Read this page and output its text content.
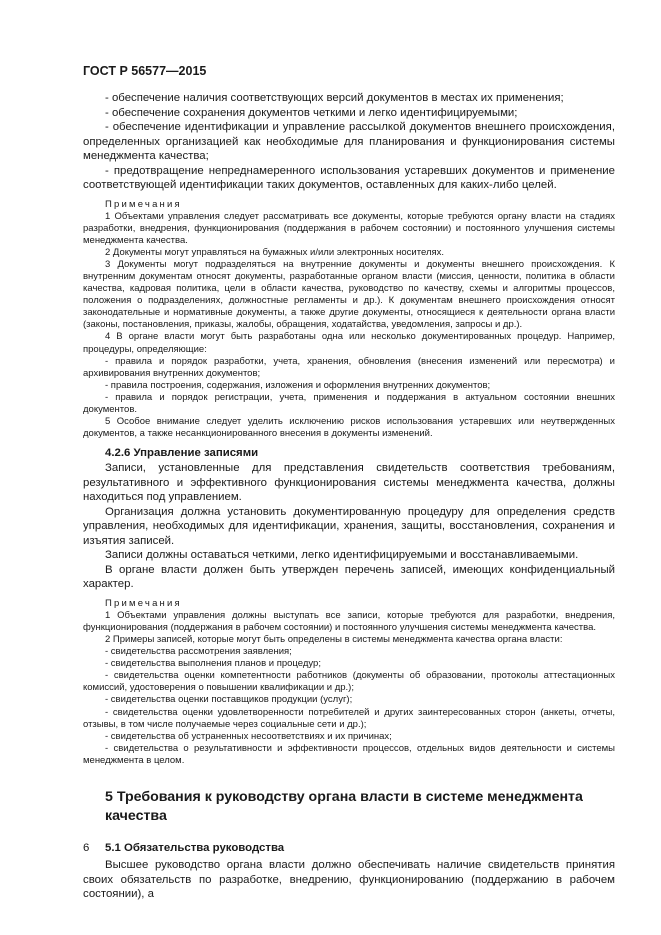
ГОСТ Р 56577—2015

- обеспечение наличия соответствующих версий документов в местах их применения;

- обеспечение сохранения документов четкими и легко идентифицируемыми;

- обеспечение идентификации и управление рассылкой документов внешнего происхождения, определенных организацией как необходимые для планирования и функционирования системы менеджмента качества;

- предотвращение непреднамеренного использования устаревших документов и применение соответствующей идентификации таких документов, оставленных для каких-либо целей.

Примечания

1 Объектами управления следует рассматривать все документы, которые требуются органу власти на стадиях разработки, внедрения, функционирования (поддержания в рабочем состоянии) и постоянного улучшения системы менеджмента качества.

2 Документы могут управляться на бумажных и/или электронных носителях.

3 Документы могут подразделяться на внутренние документы и документы внешнего происхождения. К внутренним документам относят документы, разработанные органом власти (миссия, ценности, политика в области качества, кадровая политика, цели в области качества, руководство по качеству, схемы и алгоритмы процессов, положения о подразделениях, должностные регламенты и др.). К документам внешнего происхождения относят законодательные и нормативные документы, а также другие документы, относящиеся к деятельности органа власти (законы, постановления, приказы, жалобы, обращения, ходатайства, уведомления, запросы и др.).

4 В органе власти могут быть разработаны одна или несколько документированных процедур. Например, процедуры, определяющие:

- правила и порядок разработки, учета, хранения, обновления (внесения изменений или пересмотра) и архивирования внутренних документов;

- правила построения, содержания, изложения и оформления внутренних документов;

- правила и порядок регистрации, учета, применения и поддержания в актуальном состоянии внешних документов.

5 Особое внимание следует уделить исключению рисков использования устаревших или неутвержденных документов, а также несанкционированного внесения в документы изменений.

4.2.6 Управление записями

Записи, установленные для представления свидетельств соответствия требованиям, результативного и эффективного функционирования системы менеджмента качества, должны находиться под управлением.

Организация должна установить документированную процедуру для определения средств управления, необходимых для идентификации, хранения, защиты, восстановления, сохранения и изъятия записей.

Записи должны оставаться четкими, легко идентифицируемыми и восстанавливаемыми.

В органе власти должен быть утвержден перечень записей, имеющих конфиденциальный характер.

Примечания

1 Объектами управления должны выступать все записи, которые требуются для разработки, внедрения, функционирования (поддержания в рабочем состоянии) и постоянного улучшения системы менеджмента качества.

2 Примеры записей, которые могут быть определены в системы менеджмента качества органа власти:

- свидетельства рассмотрения заявления;

- свидетельства выполнения планов и процедур;

- свидетельства оценки компетентности работников (документы об образовании, протоколы аттестационных комиссий, удостоверения о повышении квалификации и др.);

- свидетельства оценки поставщиков продукции (услуг);

- свидетельства оценки удовлетворенности потребителей и других заинтересованных сторон (анкеты, отчеты, отзывы, в том числе получаемые через социальные сети и др.);

- свидетельства об устраненных несоответствиях и их причинах;

- свидетельства о результативности и эффективности процессов, отдельных видов деятельности и системы менеджмента в целом.

5 Требования к руководству органа власти в системе менеджмента качества
5.1 Обязательства руководства

Высшее руководство органа власти должно обеспечивать наличие свидетельств принятия своих обязательств по разработке, внедрению, функционированию (поддержанию в рабочем состоянии), а

6
